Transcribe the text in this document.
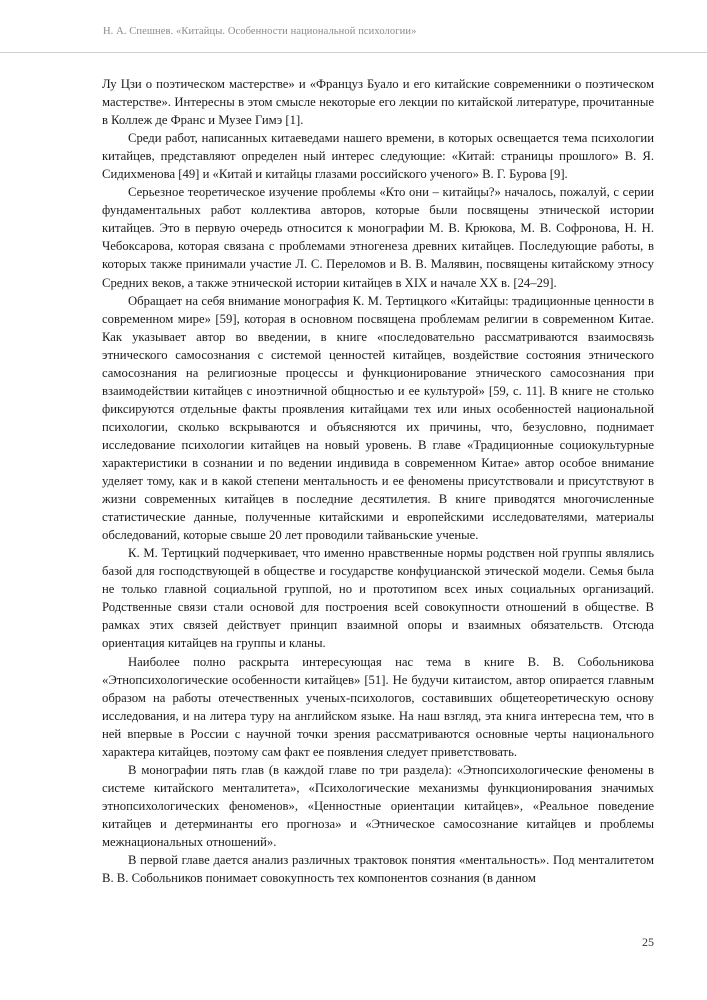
Н. А. Спешнев. «Китайцы. Особенности национальной психологии»

Лу Цзи о поэтическом мастерстве» и «Француз Буало и его китайские современники о поэтическом мастерстве». Интересны в этом смысле некоторые его лекции по китайской литературе, прочитанные в Коллеж де Франс и Музее Гимэ [1].

Среди работ, написанных китаеведами нашего времени, в которых освещается тема психологии китайцев, представляют определен ный интерес следующие: «Китай: страницы прошлого» В. Я. Сидихменова [49] и «Китай и китайцы глазами российского ученого» В. Г. Бурова [9].

Серьезное теоретическое изучение проблемы «Кто они – китайцы?» началось, пожалуй, с серии фундаментальных работ коллектива авторов, которые были посвящены этнической истории китайцев. Это в первую очередь относится к монографии М. В. Крюкова, М. В. Софронова, Н. Н. Чебоксарова, которая связана с проблемами этногенеза древних китайцев. Последующие работы, в которых также принимали участие Л. С. Переломов и В. В. Малявин, посвящены китайскому этносу Средних веков, а также этнической истории китайцев в XIX и начале XX в. [24–29].

Обращает на себя внимание монография К. М. Тертицкого «Китайцы: традиционные ценности в современном мире» [59], которая в основном посвящена проблемам религии в современном Китае. Как указывает автор во введении, в книге «последовательно рассматриваются взаимосвязь этнического самосознания с системой ценностей китайцев, воздействие состояния этнического самосознания на религиозные процессы и функционирование этнического самосознания при взаимодействии китайцев с иноэтничной общностью и ее культурой» [59, с. 11]. В книге не столько фиксируются отдельные факты проявления китайцами тех или иных особенностей национальной психологии, сколько вскрываются и объясняются их причины, что, безусловно, поднимает исследование психологии китайцев на новый уровень. В главе «Традиционные социокультурные характеристики в сознании и по ведении индивида в современном Китае» автор особое внимание уделяет тому, как и в какой степени ментальность и ее феномены присутствовали и присутствуют в жизни современных китайцев в последние десятилетия. В книге приводятся многочисленные статистические данные, полученные китайскими и европейскими исследователями, материалы обследований, которые свыше 20 лет проводили тайваньские ученые.

К. М. Тертицкий подчеркивает, что именно нравственные нормы родствен ной группы являлись базой для господствующей в обществе и государстве конфуцианской этической модели. Семья была не только главной социальной группой, но и прототипом всех иных социальных организаций. Родственные связи стали основой для построения всей совокупности отношений в обществе. В рамках этих связей действует принцип взаимной опоры и взаимных обязательств. Отсюда ориентация китайцев на группы и кланы.

Наиболее полно раскрыта интересующая нас тема в книге В. В. Собольникова «Этнопсихологические особенности китайцев» [51]. Не будучи китаистом, автор опирается главным образом на работы отечественных ученых-психологов, составивших общетеоретическую основу исследования, и на литера туру на английском языке. На наш взгляд, эта книга интересна тем, что в ней впервые в России с научной точки зрения рассматриваются основные черты национального характера китайцев, поэтому сам факт ее появления следует приветствовать.

В монографии пять глав (в каждой главе по три раздела): «Этнопсихологические феномены в системе китайского менталитета», «Психологические механизмы функционирования значимых этнопсихологических феноменов», «Ценностные ориентации китайцев», «Реальное поведение китайцев и детерминанты его прогноза» и «Этническое самосознание китайцев и проблемы межнациональных отношений».

В первой главе дается анализ различных трактовок понятия «ментальность». Под менталитетом В. В. Собольников понимает совокупность тех компонентов сознания (в данном

25
